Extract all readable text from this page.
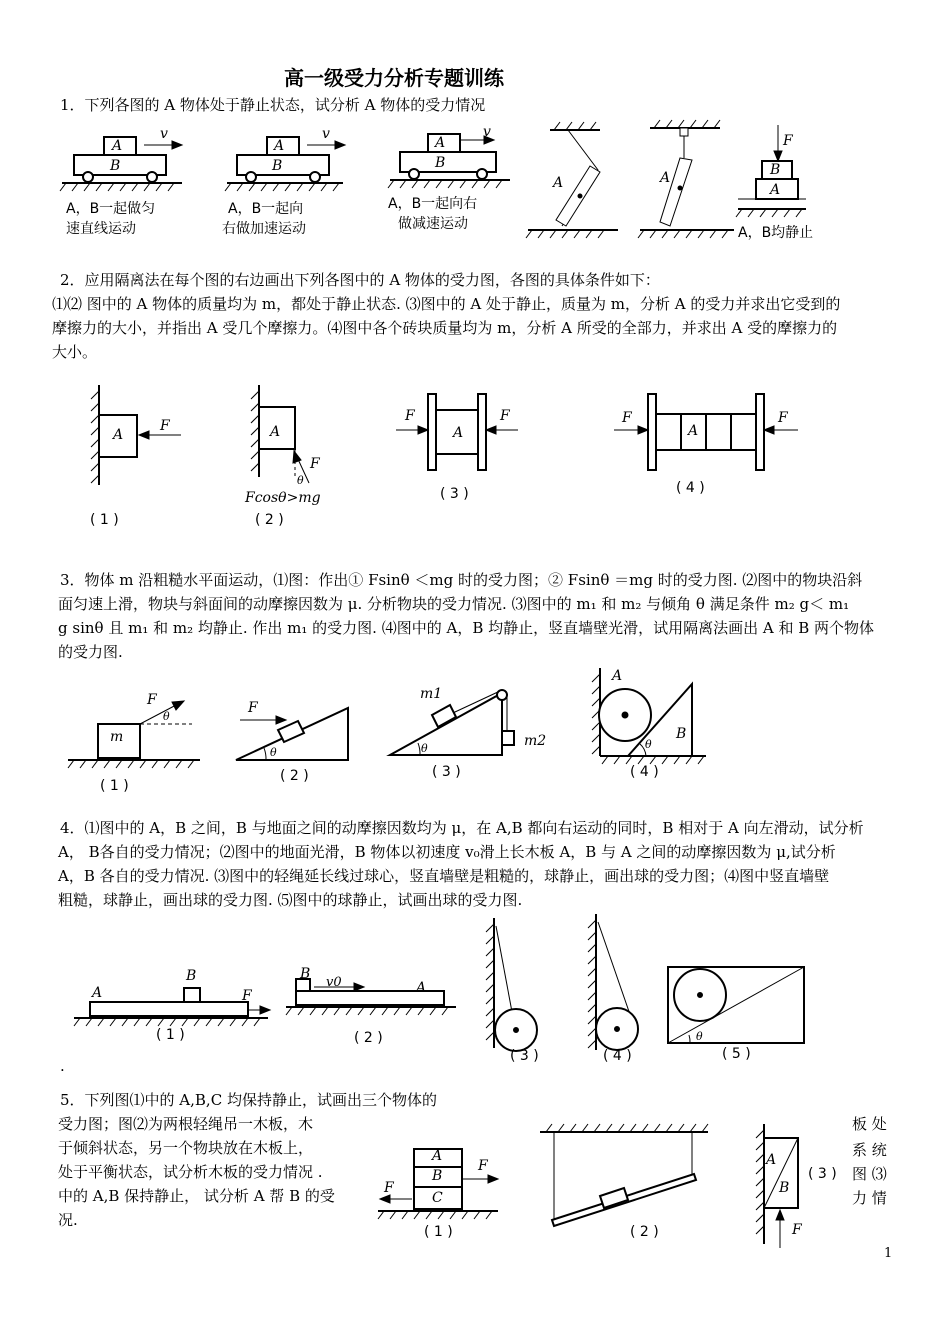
高一级受力分析专题训练
1．下列各图的 A 物体处于静止状态，试分析 A 物体的受力情况
A
B
v
A，B一起做匀
速直线运动
A
B
v
A，B一起向
右做加速运动
A
B
v
A，B一起向右
做减速运动
A	A
F
B
A
A，B均静止
2．应用隔离法在每个图的右边画出下列各图中的 A 物体的受力图，各图的具体条件如下：
⑴⑵ 图中的 A 物体的质量均为 m，都处于静止状态. ⑶图中的 A 处于静止，质量为 m，分析 A 的受力并求出它受到的
摩擦力的大小，并指出 A 受几个摩擦力。⑷图中各个砖块质量均为 m，分析 A 所受的全部力，并求出 A 受的摩擦力的
大小。
A
F
( 1 )
A
F
θ
Fcosθ>mg
( 2 )
A
F	F
( 3 )
A
F	F
( 4 )
3．物体 m 沿粗糙水平面运动，⑴图：作出① Fsinθ ＜mg 时的受力图；② Fsinθ ＝mg 时的受力图. ⑵图中的物块沿斜
面匀速上滑，物块与斜面间的动摩擦因数为 μ. 分析物块的受力情况. ⑶图中的 m₁ 和 m₂ 与倾角 θ 满足条件 m₂ g＜ m₁
g sinθ 且 m₁ 和 m₂ 均静止. 作出 m₁ 的受力图. ⑷图中的 A，B 均静止，竖直墙壁光滑，试用隔离法画出 A 和 B 两个物体
的受力图.
m
F
θ
( 1 )
F
θ
( 2 )
m1
m2
θ
( 3 )
A
B
θ
( 4 )
4．⑴图中的 A，B 之间，B 与地面之间的动摩擦因数均为 μ，在 A,B 都向右运动的同时，B 相对于 A 向左滑动，试分析
A， B各自的受力情况；⑵图中的地面光滑，B 物体以初速度 v₀滑上长木板 A，B 与 A 之间的动摩擦因数为 μ,试分析
A，B 各自的受力情况. ⑶图中的轻绳延长线过球心，竖直墙壁是粗糙的，球静止，画出球的受力图；⑷图中竖直墙壁
粗糙，球静止，画出球的受力图. ⑸图中的球静止，试画出球的受力图.
A
B
F
( 1 )
B
v0	A
( 2 )
( 3 )	( 4 )
θ
( 5 )
.
5．下列图⑴中的 A,B,C 均保持静止，试画出三个物体的
受力图；图⑵为两根轻绳吊一木板，木
于倾斜状态，另一个物块放在木板上，
处于平衡状态，试分析木板的受力情况 .
中的 A,B 保持静止， 试分析 A 帮 B 的受
况.
A
B
C
F
F
( 1 )	( 2 )
A
B
F
( 3 )
板 处
系 统
图 ⑶
力 情
1
